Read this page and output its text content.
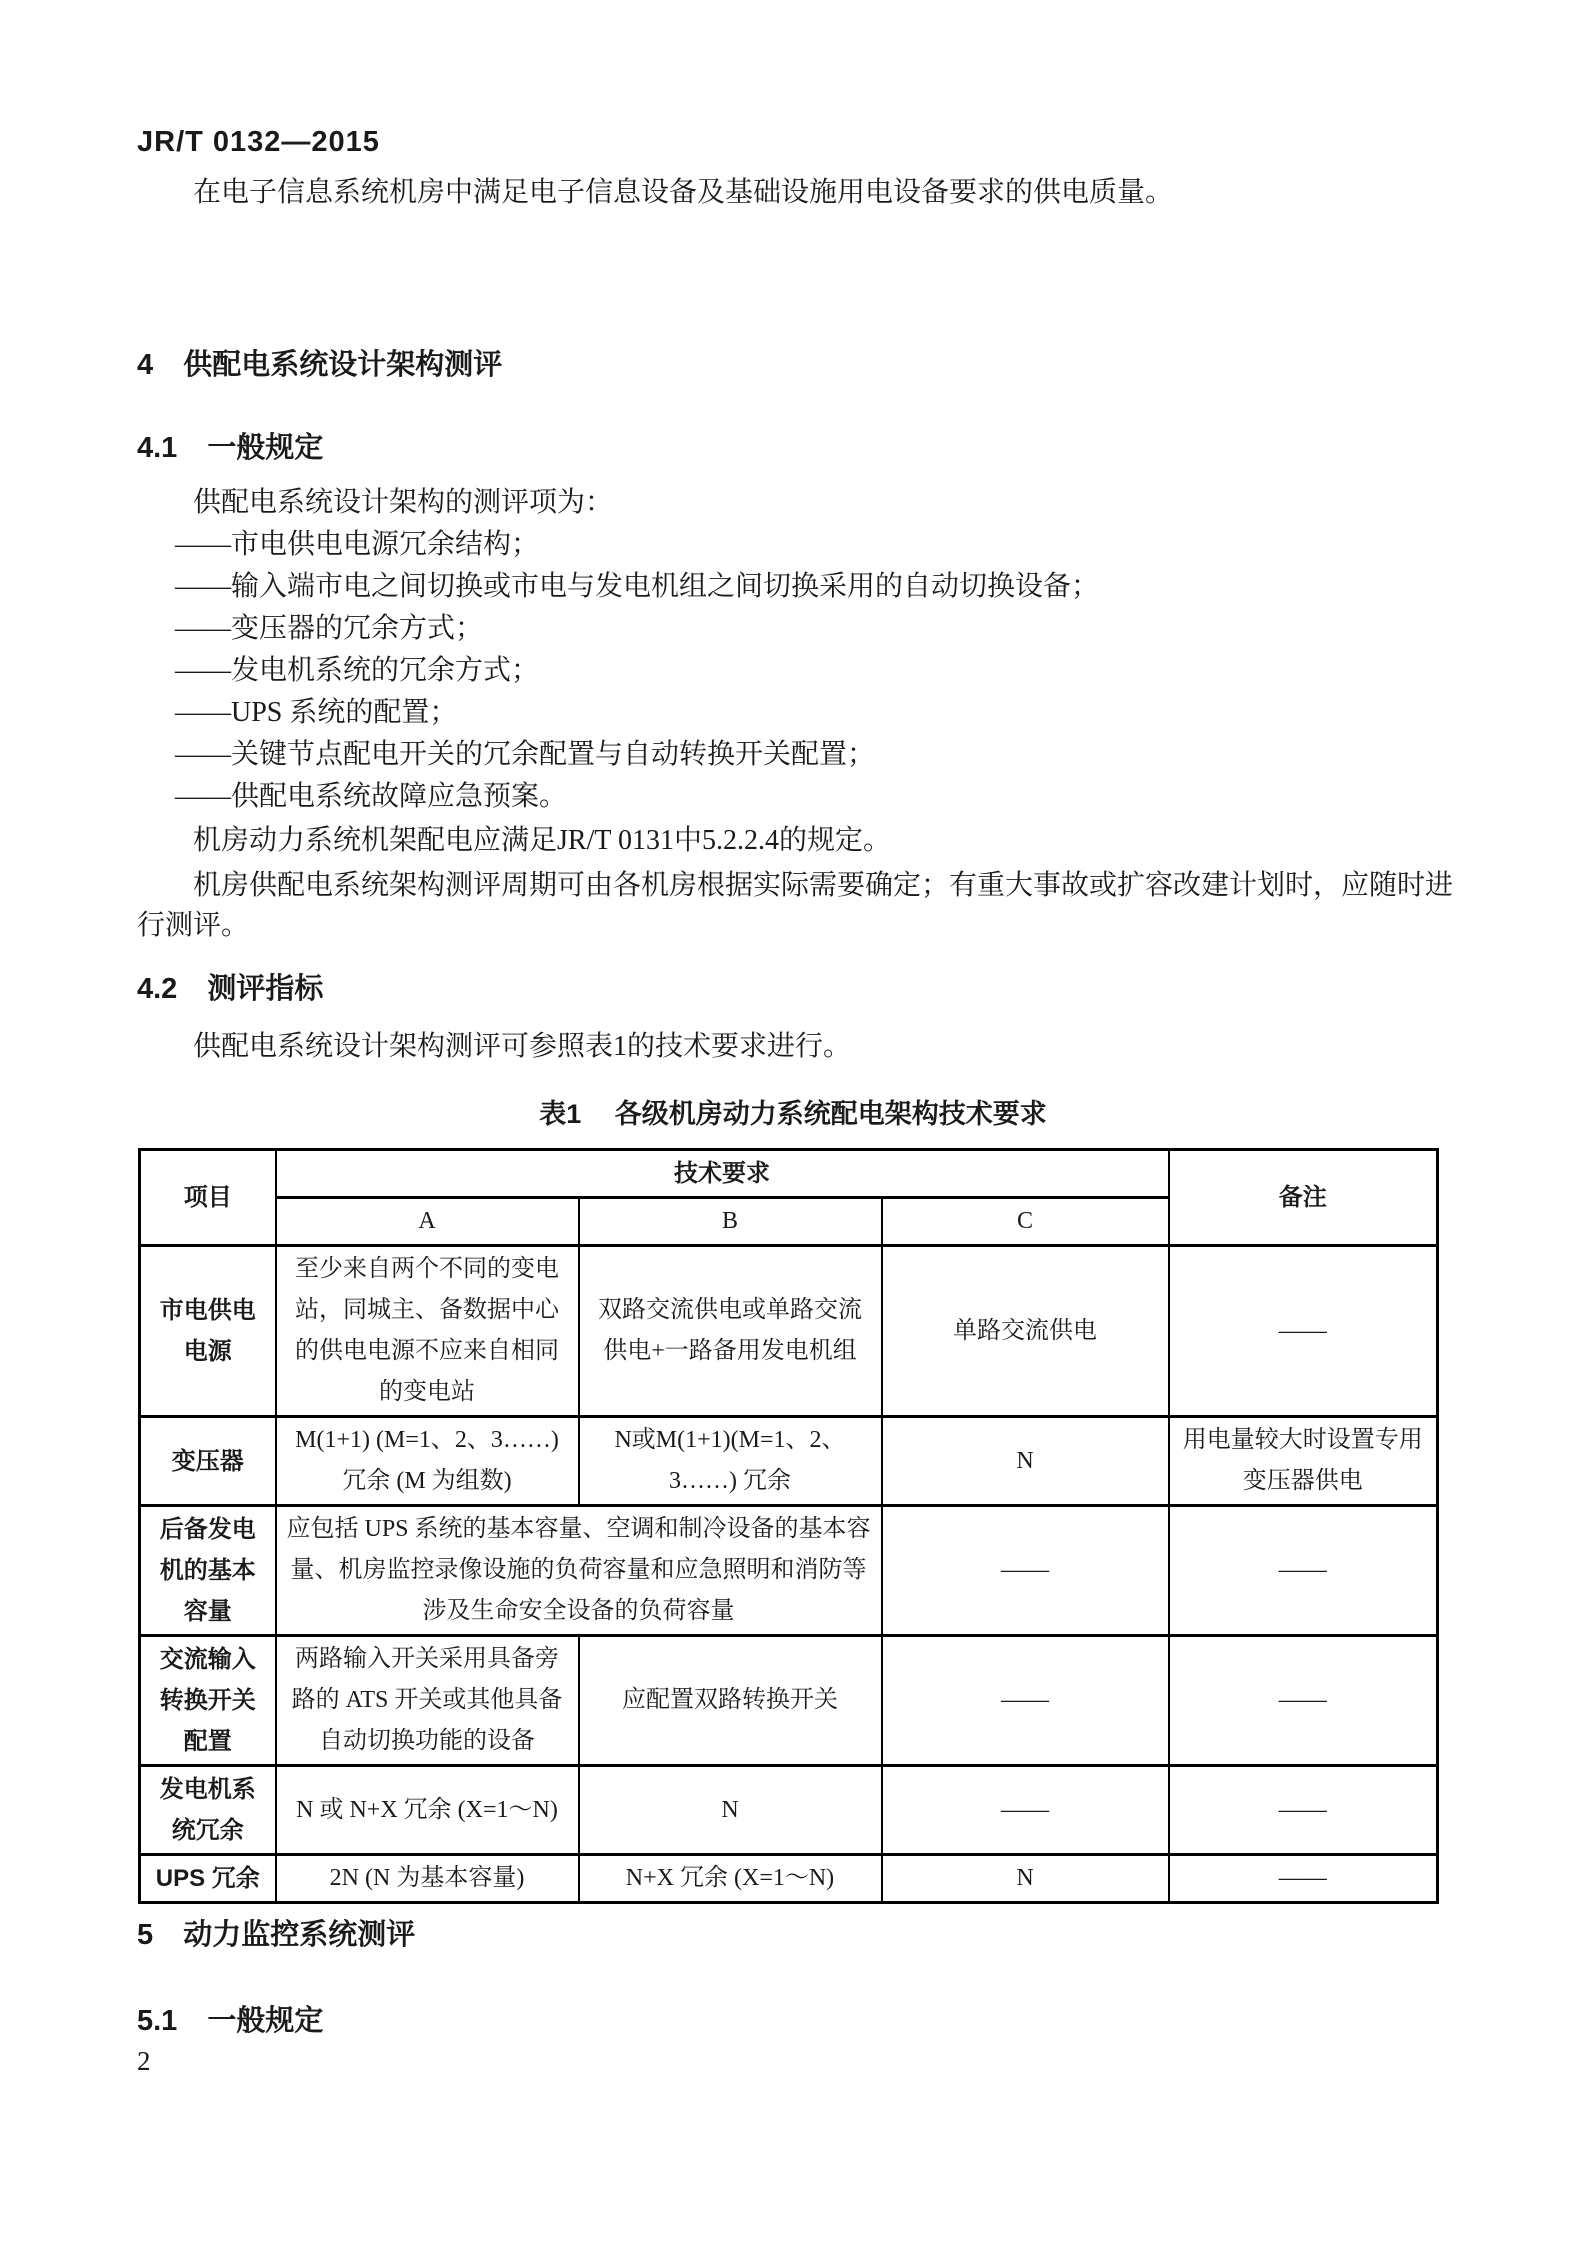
JR/T 0132—2015
在电子信息系统机房中满足电子信息设备及基础设施用电设备要求的供电质量。
4 供配电系统设计架构测评
4.1 一般规定
供配电系统设计架构的测评项为：
——市电供电电源冗余结构；
——输入端市电之间切换或市电与发电机组之间切换采用的自动切换设备；
——变压器的冗余方式；
——发电机系统的冗余方式；
——UPS 系统的配置；
——关键节点配电开关的冗余配置与自动转换开关配置；
——供配电系统故障应急预案。
机房动力系统机架配电应满足JR/T 0131中5.2.2.4的规定。
机房供配电系统架构测评周期可由各机房根据实际需要确定；有重大事故或扩容改建计划时，应随时进行测评。
4.2 测评指标
供配电系统设计架构测评可参照表1的技术要求进行。
表1 各级机房动力系统配电架构技术要求
项目	技术要求			备注
	A	B	C	
市电供电电源	至少来自两个不同的变电站，同城主、备数据中心的供电电源不应来自相同的变电站	双路交流供电或单路交流供电+一路备用发电机组	单路交流供电	——
变压器	M(1+1) (M=1、2、3……) 冗余 (M 为组数)	N或M(1+1)(M=1、2、3……) 冗余	N	用电量较大时设置专用变压器供电
后备发电机的基本容量	应包括 UPS 系统的基本容量、空调和制冷设备的基本容量、机房监控录像设施的负荷容量和应急照明和消防等涉及生命安全设备的负荷容量		——	——
交流输入转换开关配置	两路输入开关采用具备旁路的 ATS 开关或其他具备自动切换功能的设备	应配置双路转换开关	——	——
发电机系统冗余	N 或 N+X 冗余 (X=1～N)	N	——	——
UPS 冗余	2N (N 为基本容量)	N+X 冗余 (X=1～N)	N	——
5 动力监控系统测评
5.1 一般规定
2
